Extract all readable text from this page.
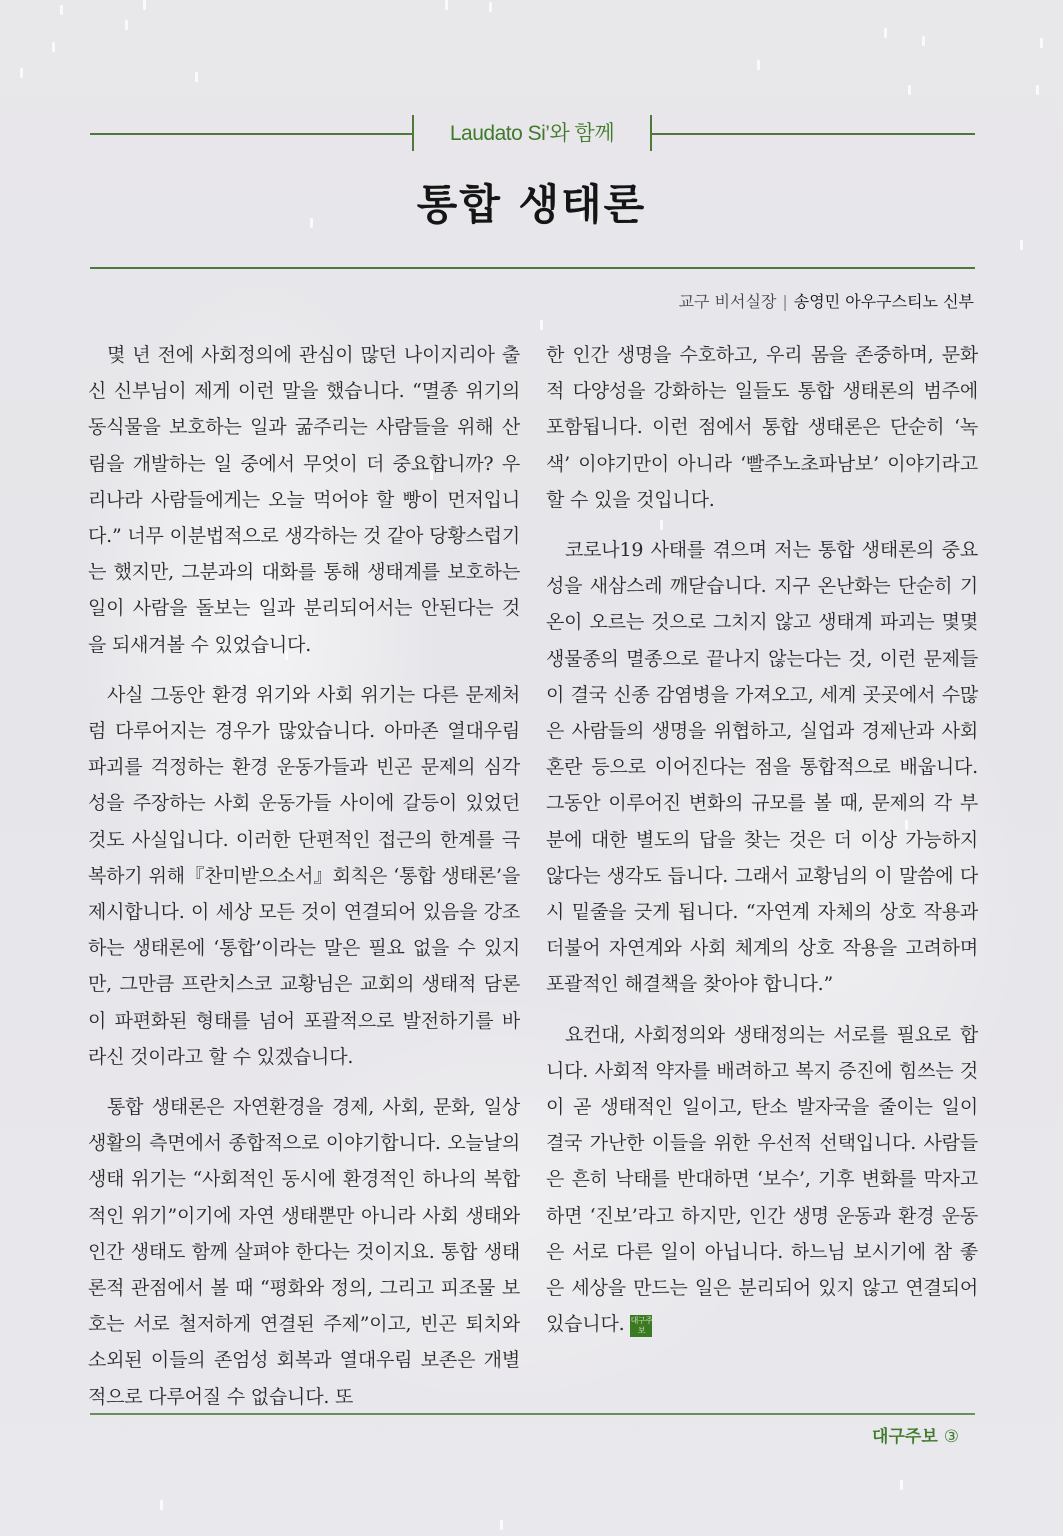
Laudato Si’와 함께
통합 생태론
교구 비서실장 | 송영민 아우구스티노 신부

몇 년 전에 사회정의에 관심이 많던 나이지리아 출신 신부님이 제게 이런 말을 했습니다. “멸종 위기의 동식물을 보호하는 일과 굶주리는 사람들을 위해 산림을 개발하는 일 중에서 무엇이 더 중요합니까? 우리나라 사람들에게는 오늘 먹어야 할 빵이 먼저입니다.” 너무 이분법적으로 생각하는 것 같아 당황스럽기는 했지만, 그분과의 대화를 통해 생태계를 보호하는 일이 사람을 돌보는 일과 분리되어서는 안된다는 것을 되새겨볼 수 있었습니다.

사실 그동안 환경 위기와 사회 위기는 다른 문제처럼 다루어지는 경우가 많았습니다. 아마존 열대우림 파괴를 걱정하는 환경 운동가들과 빈곤 문제의 심각성을 주장하는 사회 운동가들 사이에 갈등이 있었던 것도 사실입니다. 이러한 단편적인 접근의 한계를 극복하기 위해『찬미받으소서』회칙은 ‘통합 생태론’을 제시합니다. 이 세상 모든 것이 연결되어 있음을 강조하는 생태론에 ‘통합’이라는 말은 필요 없을 수 있지만, 그만큼 프란치스코 교황님은 교회의 생태적 담론이 파편화된 형태를 넘어 포괄적으로 발전하기를 바라신 것이라고 할 수 있겠습니다.

통합 생태론은 자연환경을 경제, 사회, 문화, 일상생활의 측면에서 종합적으로 이야기합니다. 오늘날의 생태 위기는 “사회적인 동시에 환경적인 하나의 복합적인 위기”이기에 자연 생태뿐만 아니라 사회 생태와 인간 생태도 함께 살펴야 한다는 것이지요. 통합 생태론적 관점에서 볼 때 “평화와 정의, 그리고 피조물 보호는 서로 철저하게 연결된 주제”이고, 빈곤 퇴치와 소외된 이들의 존엄성 회복과 열대우림 보존은 개별적으로 다루어질 수 없습니다. 또

한 인간 생명을 수호하고, 우리 몸을 존중하며, 문화적 다양성을 강화하는 일들도 통합 생태론의 범주에 포함됩니다. 이런 점에서 통합 생태론은 단순히 ‘녹색’ 이야기만이 아니라 ‘빨주노초파남보’ 이야기라고 할 수 있을 것입니다.

코로나19 사태를 겪으며 저는 통합 생태론의 중요성을 새삼스레 깨닫습니다. 지구 온난화는 단순히 기온이 오르는 것으로 그치지 않고 생태계 파괴는 몇몇 생물종의 멸종으로 끝나지 않는다는 것, 이런 문제들이 결국 신종 감염병을 가져오고, 세계 곳곳에서 수많은 사람들의 생명을 위협하고, 실업과 경제난과 사회 혼란 등으로 이어진다는 점을 통합적으로 배웁니다. 그동안 이루어진 변화의 규모를 볼 때, 문제의 각 부분에 대한 별도의 답을 찾는 것은 더 이상 가능하지 않다는 생각도 듭니다. 그래서 교황님의 이 말씀에 다시 밑줄을 긋게 됩니다. “자연계 자체의 상호 작용과 더불어 자연계와 사회 체계의 상호 작용을 고려하며 포괄적인 해결책을 찾아야 합니다.”

요컨대, 사회정의와 생태정의는 서로를 필요로 합니다. 사회적 약자를 배려하고 복지 증진에 힘쓰는 것이 곧 생태적인 일이고, 탄소 발자국을 줄이는 일이 결국 가난한 이들을 위한 우선적 선택입니다. 사람들은 흔히 낙태를 반대하면 ‘보수’, 기후 변화를 막자고 하면 ‘진보’라고 하지만, 인간 생명 운동과 환경 운동은 서로 다른 일이 아닙니다. 하느님 보시기에 참 좋은 세상을 만드는 일은 분리되어 있지 않고 연결되어 있습니다. 대구주보

대구주보 ③
